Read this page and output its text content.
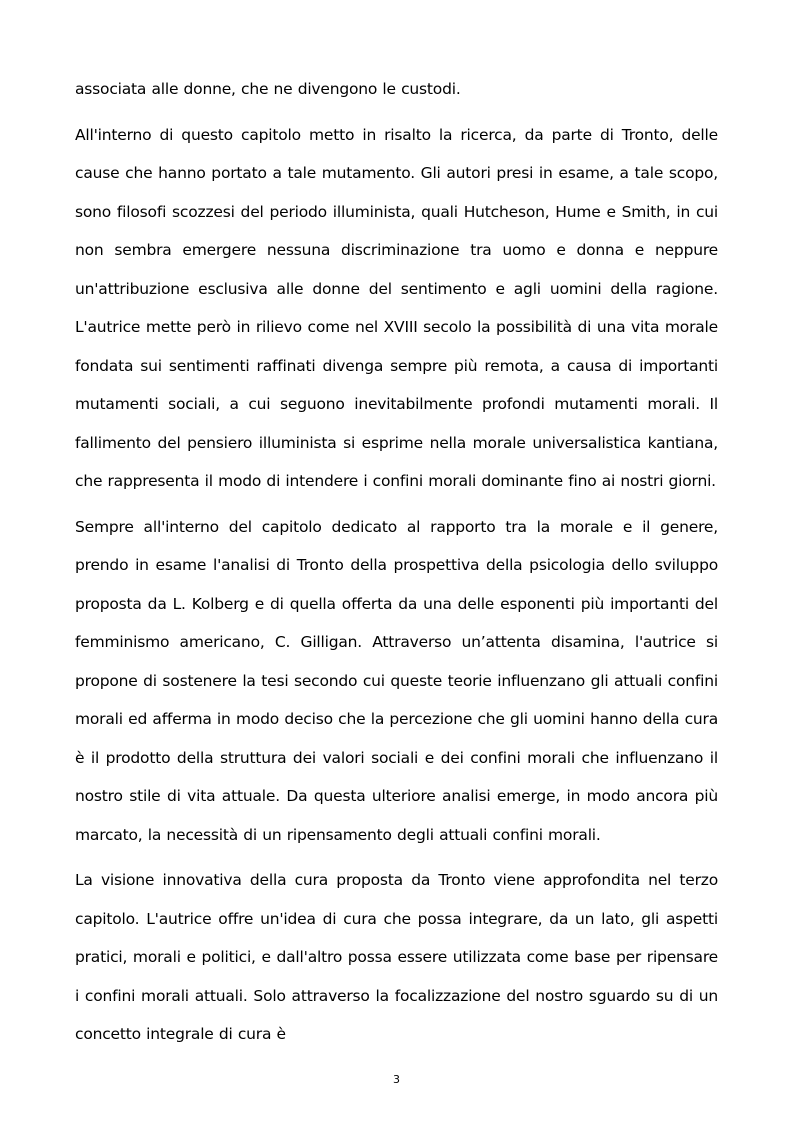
associata alle donne, che ne divengono le custodi.

All'interno di questo capitolo metto in risalto la ricerca, da parte di Tronto, delle cause che hanno portato a tale mutamento. Gli autori presi in esame, a tale scopo, sono filosofi scozzesi del periodo illuminista, quali Hutcheson, Hume e Smith, in cui non sembra emergere nessuna discriminazione tra uomo e donna e neppure un'attribuzione esclusiva alle donne del sentimento e agli uomini della ragione. L'autrice mette però in rilievo come nel XVIII secolo la possibilità di una vita morale fondata sui sentimenti raffinati divenga sempre più remota, a causa di importanti mutamenti sociali, a cui seguono inevitabilmente profondi mutamenti morali. Il fallimento del pensiero illuminista si esprime nella morale universalistica kantiana, che rappresenta il modo di intendere i confini morali dominante fino ai nostri giorni.

Sempre all'interno del capitolo dedicato al rapporto tra la morale e il genere, prendo in esame l'analisi di Tronto della prospettiva della psicologia dello sviluppo proposta da L. Kolberg e di quella offerta da una delle esponenti più importanti del femminismo americano, C. Gilligan. Attraverso un’attenta disamina, l'autrice si propone di sostenere la tesi secondo cui queste teorie influenzano gli attuali confini morali ed afferma in modo deciso che la percezione che gli uomini hanno della cura è il prodotto della struttura dei valori sociali e dei confini morali che influenzano il nostro stile di vita attuale. Da questa ulteriore analisi emerge, in modo ancora più marcato, la necessità di un ripensamento degli attuali confini morali.

La visione innovativa della cura proposta da Tronto viene approfondita nel terzo capitolo. L'autrice offre un'idea di cura che possa integrare, da un lato, gli aspetti pratici, morali e politici, e dall'altro possa essere utilizzata come base per ripensare i confini morali attuali. Solo attraverso la focalizzazione del nostro sguardo su di un concetto integrale di cura è

3
